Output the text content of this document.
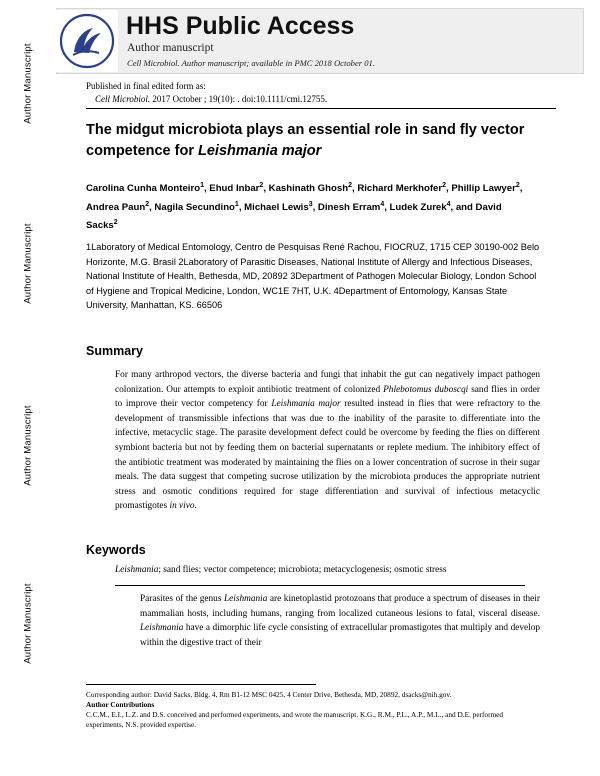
Author Manuscript
Author Manuscript
Author Manuscript
Author Manuscript
HHS Public Access
Author manuscript
Cell Microbiol. Author manuscript; available in PMC 2018 October 01.
Published in final edited form as:
Cell Microbiol. 2017 October ; 19(10): . doi:10.1111/cmi.12755.
The midgut microbiota plays an essential role in sand fly vector competence for Leishmania major
Carolina Cunha Monteiro$^1$, Ehud Inbar$^2$, Kashinath Ghosh$^2$, Richard Merkhofer$^2$, Phillip Lawyer$^2$, Andrea Paun$^2$, Nagila Secundino$^1$, Michael Lewis$^3$, Dinesh Erram$^4$, Ludek Zurek$^4$, and David Sacks$^2$
1Laboratory of Medical Entomology, Centro de Pesquisas René Rachou, FIOCRUZ, 1715 CEP 30190-002 Belo Horizonte, M.G. Brasil 2Laboratory of Parasitic Diseases, National Institute of Allergy and Infectious Diseases, National Institute of Health, Bethesda, MD, 20892 3Department of Pathogen Molecular Biology, London School of Hygiene and Tropical Medicine, London, WC1E 7HT, U.K. 4Department of Entomology, Kansas State University, Manhattan, KS. 66506
Summary
For many arthropod vectors, the diverse bacteria and fungi that inhabit the gut can negatively impact pathogen colonization. Our attempts to exploit antibiotic treatment of colonized Phlebotomus duboscqi sand flies in order to improve their vector competency for Leishmania major resulted instead in flies that were refractory to the development of transmissible infections that was due to the inability of the parasite to differentiate into the infective, metacyclic stage. The parasite development defect could be overcome by feeding the flies on different symbiont bacteria but not by feeding them on bacterial supernatants or replete medium. The inhibitory effect of the antibiotic treatment was moderated by maintaining the flies on a lower concentration of sucrose in their sugar meals. The data suggest that competing sucrose utilization by the microbiota produces the appropriate nutrient stress and osmotic conditions required for stage differentiation and survival of infectious metacyclic promastigotes in vivo.
Keywords
Leishmania; sand flies; vector competence; microbiota; metacyclogenesis; osmotic stress
Parasites of the genus Leishmania are kinetoplastid protozoans that produce a spectrum of diseases in their mammalian hosts, including humans, ranging from localized cutaneous lesions to fatal, visceral disease. Leishmania have a dimorphic life cycle consisting of extracellular promastigotes that multiply and develop within the digestive tract of their
Corresponding author: David Sacks, Bldg. 4, Rm B1-12 MSC 0425, 4 Center Drive, Bethesda, MD, 20892, dsacks@nih.gov.
Author Contributions
C.C.M., E.I., L.Z. and D.S. conceived and performed experiments, and wrote the manuscript. K.G., R.M., P.L., A.P., M.L., and D.E. performed experiments, N.S. provided expertise.
